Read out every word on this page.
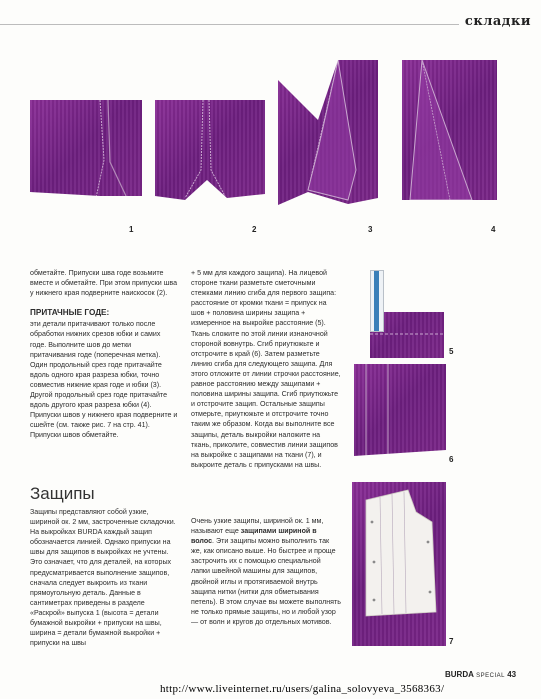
складки
1	2	3	4
5
6
7

обметайте. Припуски шва годе возьмите вместе и обметайте. При этом припуски шва у нижнего края подверните наискосок (2).

ПРИТАЧНЫЕ ГОДЕ:

эти детали притачивают только после обработки нижних срезов юбки и самих годе. Выполните шов до метки притачивания годе (поперечная метка). Один продольный срез годе притачайте вдоль одного края разреза юбки, точно совместив нижние края годе и юбки (3). Другой продольный срез годе притачайте вдоль другого края разреза юбки (4). Припуски швов у нижнего края подверните и сшейте (см. также рис. 7 на стр. 41). Припуски швов обметайте.

Защипы

Защипы представляют собой узкие, шириной ок. 2 мм, застроченные складочки. На выкройках BURDA каждый защип обозначается линией. Однако припуски на швы для защипов в выкройках не учтены. Это означает, что для деталей, на которых предусматривается выполнение защипов, сначала следует выкроить из ткани прямоугольную деталь. Данные в сантиметрах приведены в разделе «Раскрой» выпуска 1 (высота = детали бумажной выкройки + припуски на швы, ширина = детали бумажной выкройки + припуски на швы

+ 5 мм для каждого защипа). На лицевой стороне ткани разметьте сметочными стежками линию сгиба для первого защипа: расстояние от кромки ткани = припуск на шов + половина ширины защипа + измеренное на выкройке расстояние (5). Ткань сложите по этой линии изнаночной стороной вовнутрь. Сгиб приутюжьте и отстрочите в край (6). Затем разметьте линию сгиба для следующего защипа. Для этого отложите от линии строчки расстояние, равное расстоянию между защипами + половина ширины защипа. Сгиб приутюжьте и отстрочите защип. Остальные защипы отмерьте, приутюжьте и отстрочите точно таким же образом. Когда вы выполните все защипы, деталь выкройки наложите на ткань, приколите, совместив линии защипов на выкройке с защипами на ткани (7), и выкроите деталь с припусками на швы.

Очень узкие защипы, шириной ок. 1 мм, называют еще защипами шириной в волос. Эти защипы можно выполнить так же, как описано выше. Но быстрее и проще застрочить их с помощью специальной лапки швейной машины для защипов, двойной иглы и протягиваемой внутрь защипа нитки (нитки для обметывания петель). В этом случае вы можете выполнять не только прямые защипы, но и любой узор — от волн и кругов до отдельных мотивов.

BURDA SPECIAL 43
http://www.liveinternet.ru/users/galina_solovyeva_3568363/
